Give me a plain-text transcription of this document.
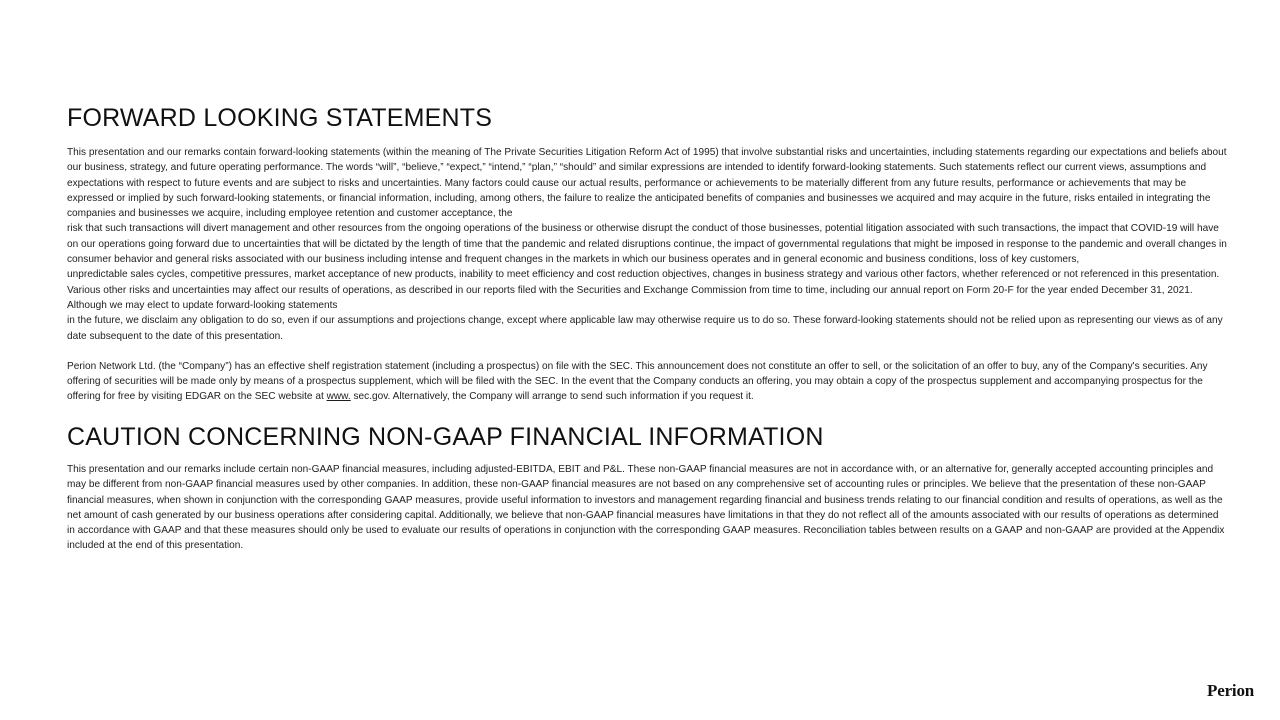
FORWARD LOOKING STATEMENTS

This presentation and our remarks contain forward-looking statements (within the meaning of The Private Securities Litigation Reform Act of 1995) that involve substantial risks and uncertainties, including statements regarding our expectations and beliefs about our business, strategy, and future operating performance. The words “will”, “believe,” “expect,” “intend,” “plan,” “should” and similar expressions are intended to identify forward-looking statements. Such statements reflect our current views, assumptions and expectations with respect to future events and are subject to risks and uncertainties. Many factors could cause our actual results, performance or achievements to be materially different from any future results, performance or achievements that may be expressed or implied by such forward-looking statements, or financial information, including, among others, the failure to realize the anticipated benefits of companies and businesses we acquired and may acquire in the future, risks entailed in integrating the companies and businesses we acquire, including employee retention and customer acceptance, the

risk that such transactions will divert management and other resources from the ongoing operations of the business or otherwise disrupt the conduct of those businesses, potential litigation associated with such transactions, the impact that COVID-19 will have on our operations going forward due to uncertainties that will be dictated by the length of time that the pandemic and related disruptions continue, the impact of governmental regulations that might be imposed in response to the pandemic and overall changes in consumer behavior and general risks associated with our business including intense and frequent changes in the markets in which our business operates and in general economic and business conditions, loss of key customers,

unpredictable sales cycles, competitive pressures, market acceptance of new products, inability to meet efficiency and cost reduction objectives, changes in business strategy and various other factors, whether referenced or not referenced in this presentation. Various other risks and uncertainties may affect our results of operations, as described in our reports filed with the Securities and Exchange Commission from time to time, including our annual report on Form 20-F for the year ended December 31, 2021. Although we may elect to update forward-looking statements

in the future, we disclaim any obligation to do so, even if our assumptions and projections change, except where applicable law may otherwise require us to do so. These forward-looking statements should not be relied upon as representing our views as of any date subsequent to the date of this presentation.

Perion Network Ltd. (the “Company”) has an effective shelf registration statement (including a prospectus) on file with the SEC. This announcement does not constitute an offer to sell, or the solicitation of an offer to buy, any of the Company's securities. Any offering of securities will be made only by means of a prospectus supplement, which will be filed with the SEC. In the event that the Company conducts an offering, you may obtain a copy of the prospectus supplement and accompanying prospectus for the offering for free by visiting EDGAR on the SEC website at www. sec.gov. Alternatively, the Company will arrange to send such information if you request it.

CAUTION CONCERNING NON-GAAP FINANCIAL INFORMATION

This presentation and our remarks include certain non-GAAP financial measures, including adjusted-EBITDA, EBIT and P&L. These non-GAAP financial measures are not in accordance with, or an alternative for, generally accepted accounting principles and may be different from non-GAAP financial measures used by other companies. In addition, these non-GAAP financial measures are not based on any comprehensive set of accounting rules or principles. We believe that the presentation of these non-GAAP financial measures, when shown in conjunction with the corresponding GAAP measures, provide useful information to investors and management regarding financial and business trends relating to our financial condition and results of operations, as well as the net amount of cash generated by our business operations after considering capital. Additionally, we believe that non-GAAP financial measures have limitations in that they do not reflect all of the amounts associated with our results of operations as determined in accordance with GAAP and that these measures should only be used to evaluate our results of operations in conjunction with the corresponding GAAP measures. Reconciliation tables between results on a GAAP and non-GAAP are provided at the Appendix included at the end of this presentation.

Perion
